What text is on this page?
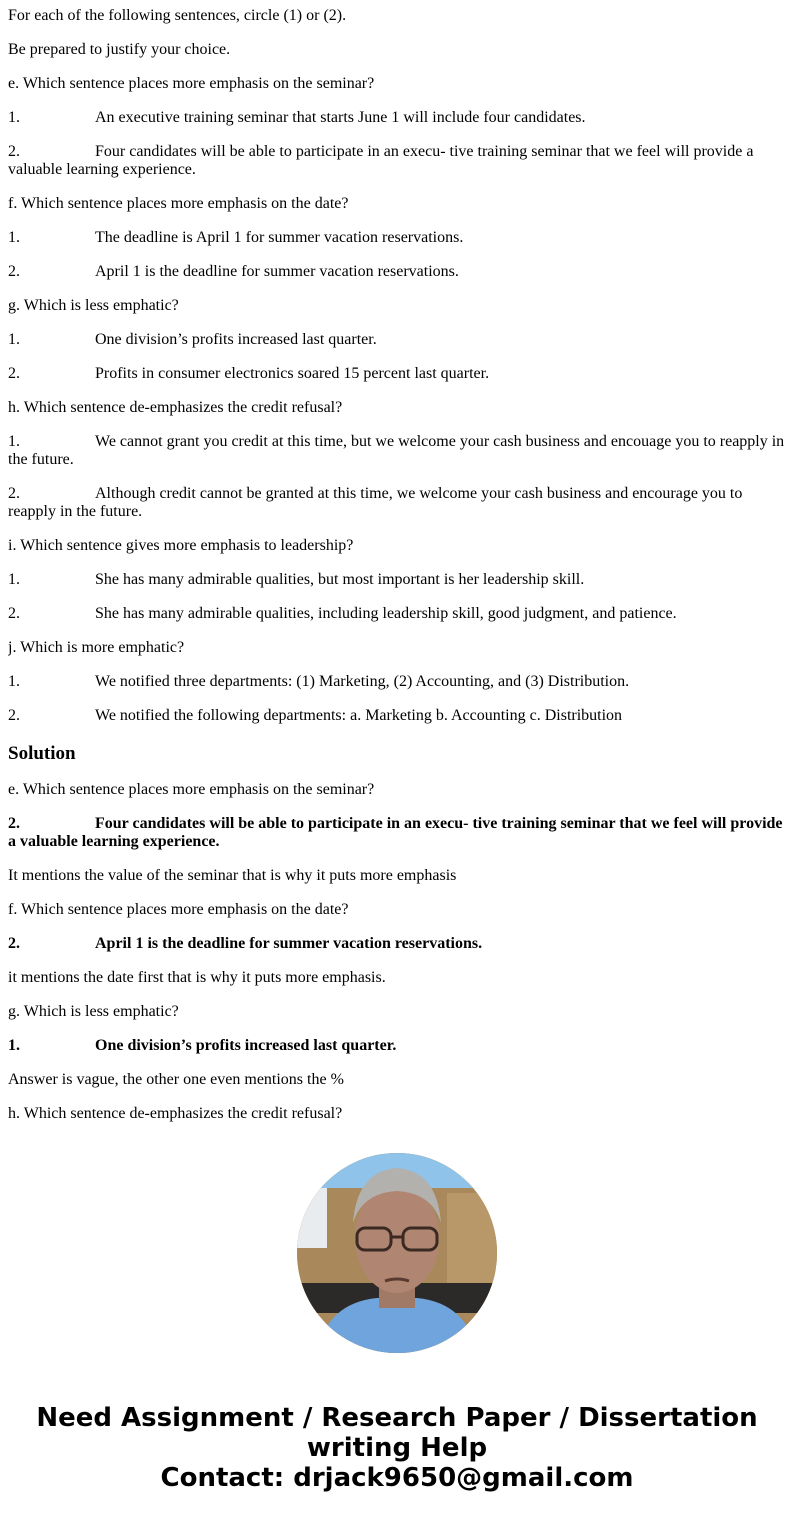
For each of the following sentences, circle (1) or (2).

Be prepared to justify your choice.

e. Which sentence places more emphasis on the seminar?

1.	An executive training seminar that starts June 1 will include four candidates.

2.	Four candidates will be able to participate in an execu- tive training seminar that we feel will provide a valuable learning experience.

f. Which sentence places more emphasis on the date?

1.	The deadline is April 1 for summer vacation reservations.

2.	April 1 is the deadline for summer vacation reservations.

g. Which is less emphatic?

1.	One division’s profits increased last quarter.

2.	Profits in consumer electronics soared 15 percent last quarter.

h. Which sentence de-emphasizes the credit refusal?

1.	We cannot grant you credit at this time, but we welcome your cash business and encouage you to reapply in the future.

2.	Although credit cannot be granted at this time, we welcome your cash business and encourage you to reapply in the future.

i. Which sentence gives more emphasis to leadership?

1.	She has many admirable qualities, but most important is her leadership skill.

2.	She has many admirable qualities, including leadership skill, good judgment, and patience.

j. Which is more emphatic?

1.	We notified three departments: (1) Marketing, (2) Accounting, and (3) Distribution.

2.	We notified the following departments: a. Marketing b. Accounting c. Distribution

Solution

e. Which sentence places more emphasis on the seminar?

2.	Four candidates will be able to participate in an execu- tive training seminar that we feel will provide a valuable learning experience.

It mentions the value of the seminar that is why it puts more emphasis

f. Which sentence places more emphasis on the date?

2.	April 1 is the deadline for summer vacation reservations.

it mentions the date first that is why it puts more emphasis.

g. Which is less emphatic?

1.	One division’s profits increased last quarter.

Answer is vague, the other one even mentions the %

h. Which sentence de-emphasizes the credit refusal?

Need Assignment / Research Paper / Dissertation writing Help
Contact: drjack9650@gmail.com
